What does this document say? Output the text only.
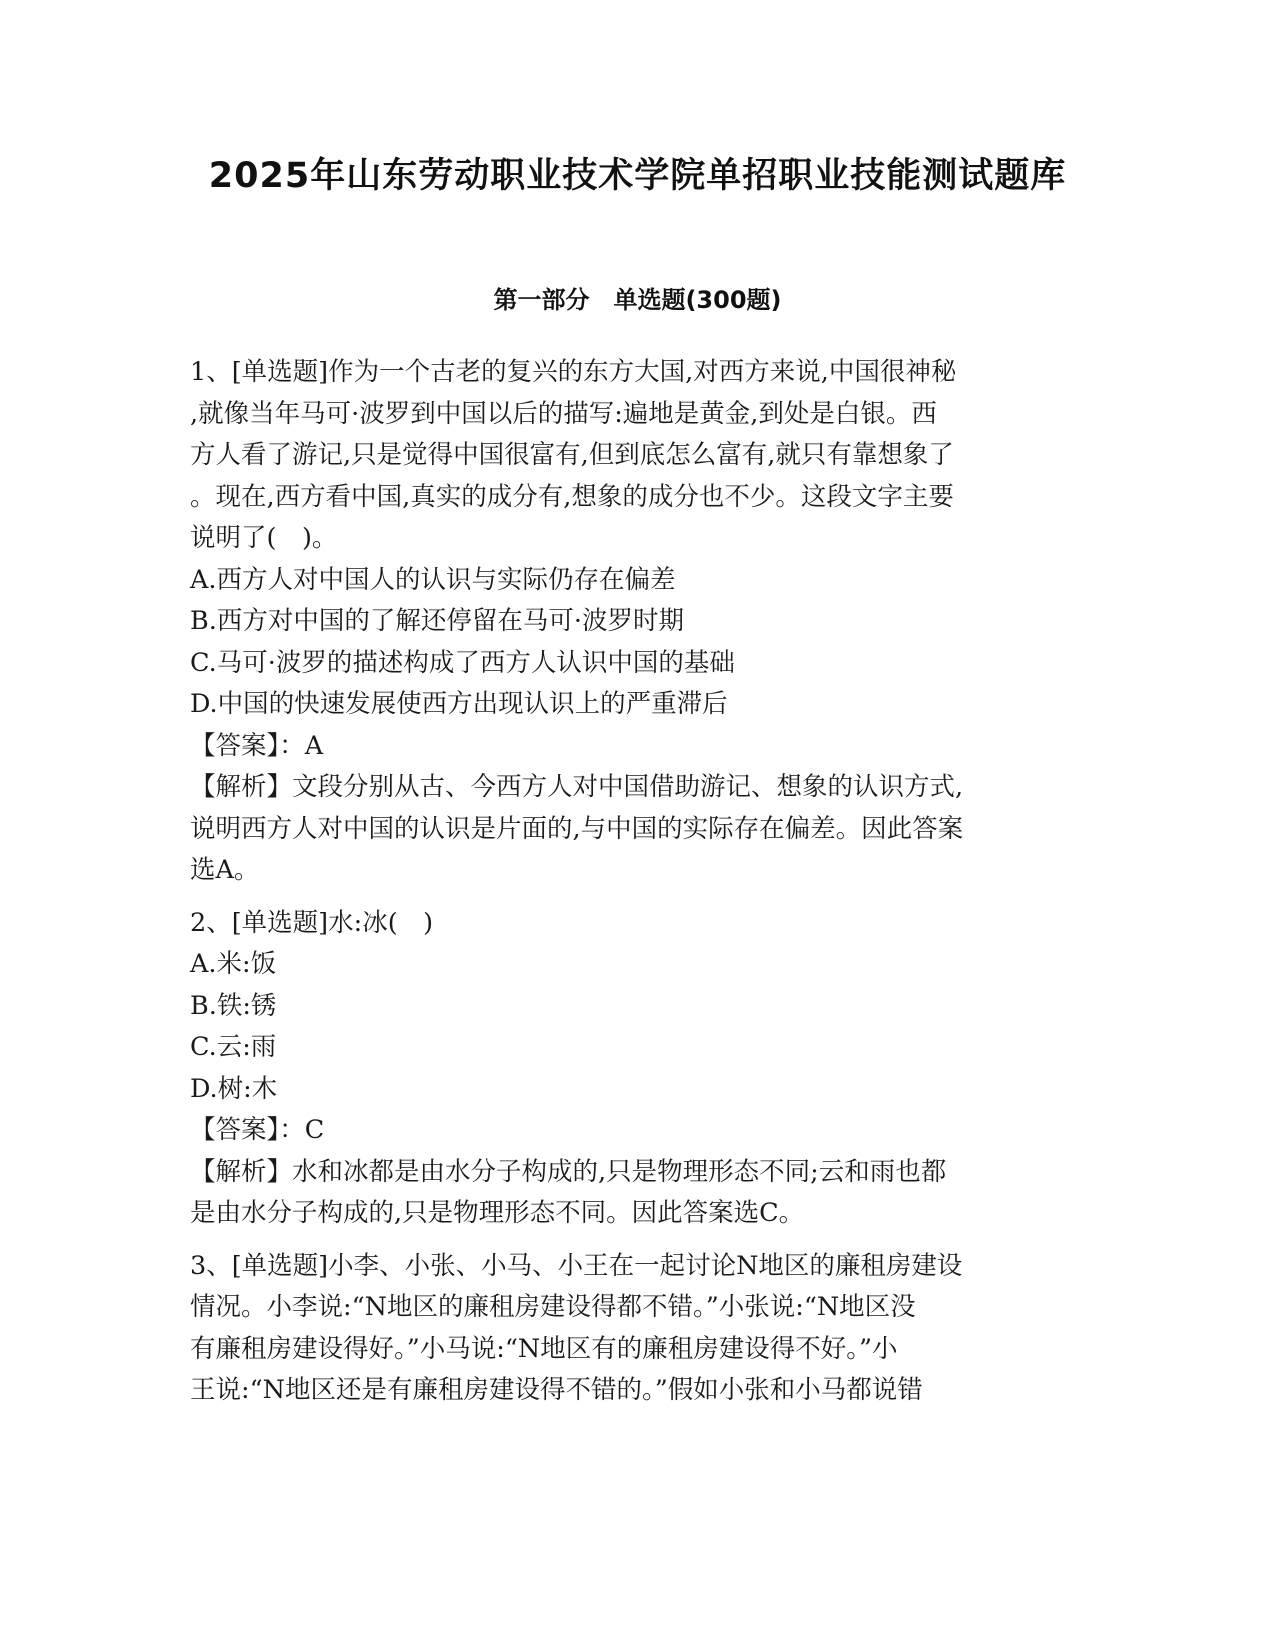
2025年山东劳动职业技术学院单招职业技能测试题库
第一部分　单选题(300题)
1、[单选题]作为一个古老的复兴的东方大国,对西方来说,中国很神秘
,就像当年马可·波罗到中国以后的描写:遍地是黄金,到处是白银。西
方人看了游记,只是觉得中国很富有,但到底怎么富有,就只有靠想象了
。现在,西方看中国,真实的成分有,想象的成分也不少。这段文字主要
说明了(　)。
A.西方人对中国人的认识与实际仍存在偏差
B.西方对中国的了解还停留在马可·波罗时期
C.马可·波罗的描述构成了西方人认识中国的基础
D.中国的快速发展使西方出现认识上的严重滞后
【答案】：A
【解析】文段分别从古、今西方人对中国借助游记、想象的认识方式,
说明西方人对中国的认识是片面的,与中国的实际存在偏差。因此答案
选A。
2、[单选题]水:冰(　)
A.米:饭
B.铁:锈
C.云:雨
D.树:木
【答案】：C
【解析】水和冰都是由水分子构成的,只是物理形态不同;云和雨也都
是由水分子构成的,只是物理形态不同。因此答案选C。
3、[单选题]小李、小张、小马、小王在一起讨论N地区的廉租房建设
情况。小李说:“N地区的廉租房建设得都不错。”小张说:“N地区没
有廉租房建设得好。”小马说:“N地区有的廉租房建设得不好。”小
王说:“N地区还是有廉租房建设得不错的。”假如小张和小马都说错
